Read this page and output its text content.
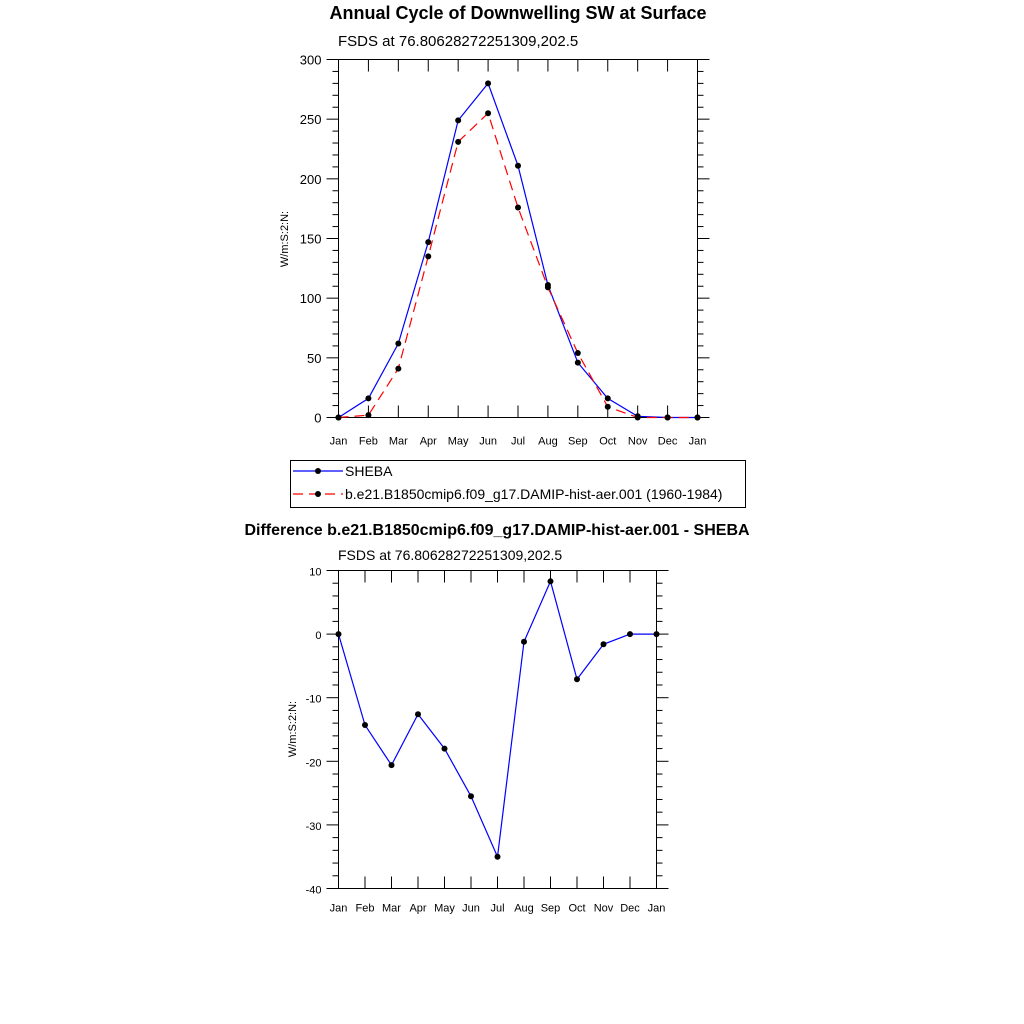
Annual Cycle of Downwelling SW at Surface
FSDS at 76.80628272251309,202.5
W/m:S:2:N:
0
50
100
150
200
250
300
Jan Feb Mar Apr May Jun Jul Aug Sep Oct Nov Dec Jan
SHEBA
b.e21.B1850cmip6.f09_g17.DAMIP-hist-aer.001 (1960-1984)
Difference b.e21.B1850cmip6.f09_g17.DAMIP-hist-aer.001 - SHEBA
FSDS at 76.80628272251309,202.5
W/m:S:2:N:
-40
-30
-20
-10
0
10
Jan Feb Mar Apr May Jun Jul Aug Sep Oct Nov Dec Jan
